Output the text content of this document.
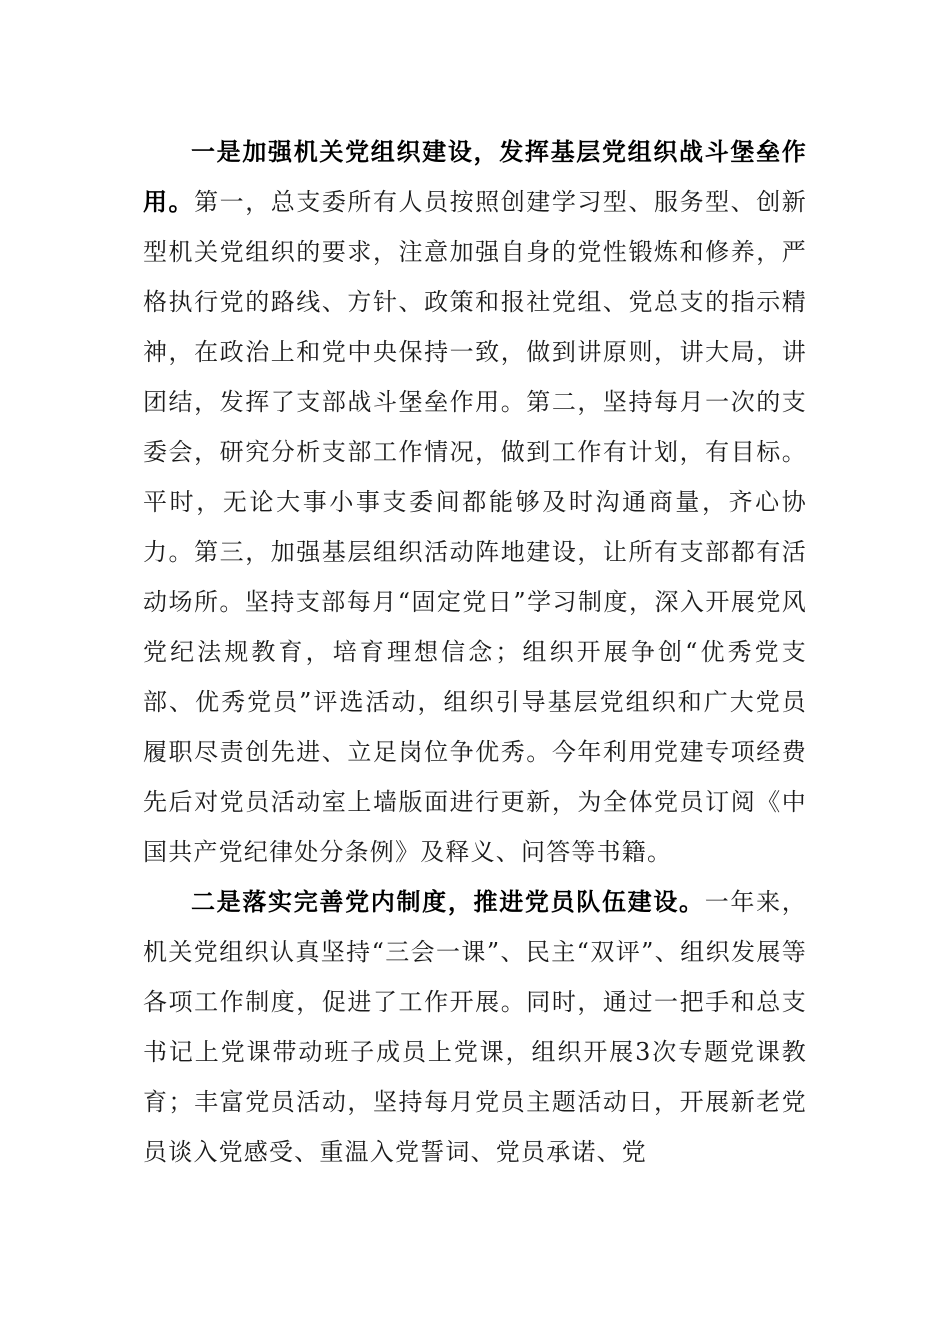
一是加强机关党组织建设，发挥基层党组织战斗堡垒作用。第一，总支委所有人员按照创建学习型、服务型、创新型机关党组织的要求，注意加强自身的党性锻炼和修养，严格执行党的路线、方针、政策和报社党组、党总支的指示精神，在政治上和党中央保持一致，做到讲原则，讲大局，讲团结，发挥了支部战斗堡垒作用。第二，坚持每月一次的支委会，研究分析支部工作情况，做到工作有计划，有目标。平时，无论大事小事支委间都能够及时沟通商量，齐心协力。第三，加强基层组织活动阵地建设，让所有支部都有活动场所。坚持支部每月“固定党日”学习制度，深入开展党风党纪法规教育，培育理想信念；组织开展争创“优秀党支部、优秀党员”评选活动，组织引导基层党组织和广大党员履职尽责创先进、立足岗位争优秀。今年利用党建专项经费先后对党员活动室上墙版面进行更新，为全体党员订阅《中国共产党纪律处分条例》及释义、问答等书籍。

二是落实完善党内制度，推进党员队伍建设。一年来，机关党组织认真坚持“三会一课”、民主“双评”、组织发展等各项工作制度，促进了工作开展。同时，通过一把手和总支书记上党课带动班子成员上党课，组织开展3次专题党课教育；丰富党员活动，坚持每月党员主题活动日，开展新老党员谈入党感受、重温入党誓词、党员承诺、党
